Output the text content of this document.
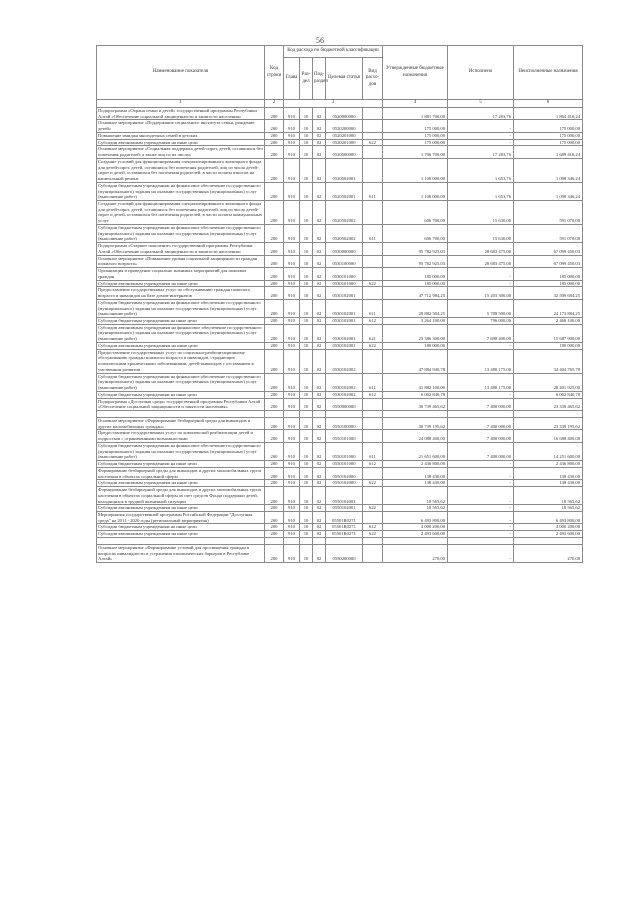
56
Наименование показателя	Код строки	Код расхода по бюджетной классификации					Утвержденные бюджетные назначения	Исполнено	Неисполненные назначения
		Глава	Раз-дел	Под-раздел	Целевая статья	Вид расхо-дов			
1	2	3					4	5	6
Подпрограмма «Охрана семьи и детей» государственной программы Республики Алтай «Обеспечение социальной защищенности и занятости населения»	200	910	10	02	0520000000		1 881 700,00	17 283,76	1 864 416,24
Основное мероприятие «Поддержание социального института семьи, рождение детей»	200	910	10	02	0520200000		175 000,00	-	175 000,00
Повышение имиджа многодетных семей в детских	200	910	10	02	0520201000		175 000,00	-	175 000,00
Субсидии автономным учреждениям на иные цели	200	910	10	02	0520201000	622	175 000,00	-	175 000,00
Основное мероприятие «Социальная поддержка детей-сирот, детей, оставшихся без попечения родителей, а также лиц из их числа»	200	910	10	02	0520500000		1 706 700,00	17 283,76	1 689 416,24
Создание условий для функционирования специализированного жилищного фонда для детей-сирот, детей, оставшихся без попечения родителей, лиц из числа детей-сирот и детей, оставшихся без попечения родителей, в части оплаты взносов на капитальный ремонт	200	910	10	02	0520502001		1 100 000,00	1 653,76	1 098 346,24
Субсидии бюджетным учреждениям на финансовое обеспечение государственного (муниципального) задания на оказание государственных (муниципальных) услуг (выполнение работ)	200	910	10	02	0520502001	611	1 100 000,00	1 653,76	1 098 346,24
Создание условий для функционирования специализированного жилищного фонда для детей-сирот, детей, оставшихся без попечения родителей, лиц из числа детей-сирот и детей, оставшихся без попечения родителей, в части оплаты коммунальных услуг	200	910	10	02	0520502002		606 700,00	15 630,00	591 070,00
Субсидии бюджетным учреждениям на финансовое обеспечение государственного (муниципального) задания на оказание государственных (муниципальных) услуг (выполнение работ)	200	910	10	02	0520502002	611	606 700,00	15 630,00	591 070,00
Подпрограмма «Старшее поколение» государственной программы Республики Алтай «Обеспечение социальной защищенности и занятости населения»	200	910	10	02	0530000000		95 782 925,03	28 683 475,00	67 099 450,03
Основное мероприятие «Повышение уровня социальной защищенности граждан пожилого возраста»	200	910	10	02	0530100000		95 782 925,03	28 683 475,00	67 099 450,03
Организация и проведение социально значимых мероприятий для пожилых граждан	200	910	10	02	0530101000		185 000,00	-	185 000,00
Субсидии автономным учреждениям на иные цели	200	910	10	02	0530101000	622	185 000,00	-	185 000,00
Предоставление государственных услуг по обслуживанию граждан пожилого возраста и инвалидов на базе домов-интернатов	200	910	10	02	0530102001		47 712 984,25	15 203 300,00	32 509 684,25
Субсидии бюджетным учреждениям на финансовое обеспечение государственного (муниципального) задания на оказание государственных (муниципальных) услуг (выполнение работ)	200	910	10	02	0530102001	611	29 882 584,25	5 708 500,00	24 173 884,25
Субсидии бюджетным учреждениям на иные цели	200	910	10	02	0530102001	612	3 264 100,00	796 000,00	2 468 100,00
Субсидии автономным учреждениям на финансовое обеспечение государственного (муниципального) задания на оказание государственных (муниципальных) услуг (выполнение работ)	200	910	10	02	0530102001	621	23 386 300,00	7 698 400,00	15 687 900,00
Субсидии автономным учреждениям на иные цели	200	910	10	02	0530102001	622	180 000,00	-	180 000,00
Предоставление государственных услуг по социально-реабилитационному обслуживанию граждан пожилого возраста и инвалидов, страдающих психическими хроническими заболеваниями, детей-инвалидов с отставанием в умственном развитии	200	910	10	02	0530102002		47 884 940,78	13 480 175,00	34 404 765,78
Субсидии бюджетным учреждениям на финансовое обеспечение государственного (муниципального) задания на оказание государственных (муниципальных) услуг (выполнение работ)	200	910	10	02	0530102002	611	41 882 100,00	13 480 175,00	28 401 925,00
Субсидии бюджетным учреждениям на иные цели	200	910	10	02	0530102002	612	6 002 840,78	-	6 002 840,78
Подпрограмма «Доступная среда» государственной программы Республики Алтай «Обеспечение социальной защищенности и занятости населения»	200	910	10	02	0550000000		30 739 465,62	7 400 000,00	23 339 465,62

Основное мероприятие «Формирование безбарьерной среды для инвалидов и других маломобильных граждан»	200	910	10	02	0550100000		30 739 195,62	7 400 000,00	23 339 195,62
Предоставление государственных услуг по комплексной реабилитации детей и подростков с ограниченными возможностями	200	910	10	02	0550101000		24 088 400,00	7 400 000,00	16 688 400,00
Субсидии бюджетным учреждениям на финансовое обеспечение государственного (муниципального) задания на оказание государственных (муниципальных) услуг (выполнение работ)	200	910	10	02	0550101000	611	21 651 600,00	7 400 000,00	14 251 600,00
Субсидии бюджетным учреждениям на иные цели	200	910	10	02	0550101000	612	2 436 800,00	-	2 436 800,00
Формирование безбарьерной среды для инвалидов и других маломобильных групп населения в объектах социальной сферы	200	910	10	02	0550102000		138 430,00	-	138 430,00
Субсидии автономным учреждениям на иные цели	200	910	10	02	0550102000	622	138 430,00	-	138 430,00
Формирование безбарьерной среды для инвалидов и других маломобильных групп населения в объектах социальной сферы за счет средств Фонда поддержки детей, находящихся в трудной жизненной ситуации	200	910	10	02	0550102001		18 565,62	-	18 565,62
Субсидии автономным учреждениям на иные цели	200	910	10	02	0550102001	622	18 565,62	-	18 565,62
Мероприятия государственной программы Российской Федерации "Доступная среда" на 2011 - 2020 годы (региональный мероприятия)	200	910	10	02	05501R0271		6 493 800,00	-	6 493 800,00
Субсидии бюджетным учреждениям на иные цели	200	910	10	02	05501R0271	612	4 000 200,00	-	4 000 200,00
Субсидии автономным учреждениям на иные цели	200	910	10	02	05501R0271	622	2 493 600,00	-	2 493 600,00

Основное мероприятие «Формирование условий для просвещения граждан в вопросах инвалидности и устранения отношенческих барьеров в Республике Алтай»	200	910	10	02	0550200000		270,00	-	270,00
